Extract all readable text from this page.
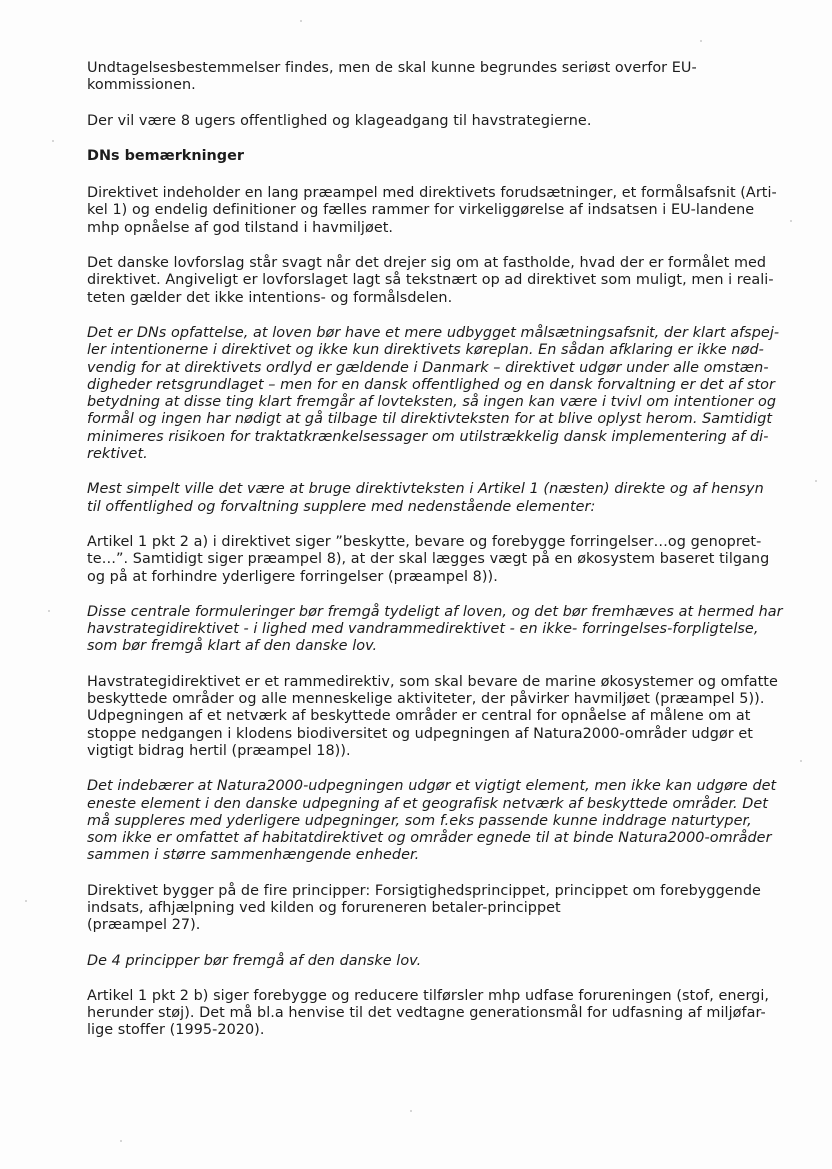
Undtagelsesbestemmelser findes, men de skal kunne begrundes seriøst overfor EU-
kommissionen.
Der vil være 8 ugers offentlighed og klageadgang til havstrategierne.
DNs bemærkninger
Direktivet indeholder en lang præampel med direktivets forudsætninger, et formålsafsnit (Arti-
kel 1) og endelig definitioner og fælles rammer for virkeliggørelse af indsatsen i EU-landene
mhp opnåelse af god tilstand i havmiljøet.
Det danske lovforslag står svagt når det drejer sig om at fastholde, hvad der er formålet med
direktivet. Angiveligt er lovforslaget lagt så tekstnært op ad direktivet som muligt, men i reali-
teten gælder det ikke intentions- og formålsdelen.
Det er DNs opfattelse, at loven bør have et mere udbygget målsætningsafsnit, der klart afspej-
ler intentionerne i direktivet og ikke kun direktivets køreplan. En sådan afklaring er ikke nød-
vendig for at direktivets ordlyd er gældende i Danmark – direktivet udgør under alle omstæn-
digheder retsgrundlaget – men for en dansk offentlighed og en dansk forvaltning er det af stor
betydning at disse ting klart fremgår af lovteksten, så ingen kan være i tvivl om intentioner og
formål og ingen har nødigt at gå tilbage til direktivteksten for at blive oplyst herom. Samtidigt
minimeres risikoen for traktatkrænkelsessager om utilstrækkelig dansk implementering af di-
rektivet.
Mest simpelt ville det være at bruge direktivteksten i Artikel 1 (næsten) direkte og af hensyn
til offentlighed og forvaltning supplere med nedenstående elementer:
Artikel 1 pkt 2 a) i direktivet siger ”beskytte, bevare og forebygge forringelser…og genopret-
te…”. Samtidigt siger præampel 8), at der skal lægges vægt på en økosystem baseret tilgang
og på at forhindre yderligere forringelser (præampel 8)).
Disse centrale formuleringer bør fremgå tydeligt af loven, og det bør fremhæves at hermed har
havstrategidirektivet - i lighed med vandrammedirektivet - en ikke- forringelses-forpligtelse,
som bør fremgå klart af den danske lov.
Havstrategidirektivet er et rammedirektiv, som skal bevare de marine økosystemer og omfatte
beskyttede områder og alle menneskelige aktiviteter, der påvirker havmiljøet (præampel 5)).
Udpegningen af et netværk af beskyttede områder er central for opnåelse af målene om at
stoppe nedgangen i klodens biodiversitet og udpegningen af Natura2000-områder udgør et
vigtigt bidrag hertil (præampel 18)).
Det indebærer at Natura2000-udpegningen udgør et vigtigt element, men ikke kan udgøre det
eneste element i den danske udpegning af et geografisk netværk af beskyttede områder. Det
må suppleres med yderligere udpegninger, som f.eks passende kunne inddrage naturtyper,
som ikke er omfattet af habitatdirektivet og områder egnede til at binde Natura2000-områder
sammen i større sammenhængende enheder.
Direktivet bygger på de fire principper: Forsigtighedsprincippet, princippet om forebyggende
indsats, afhjælpning ved kilden og forureneren betaler-princippet
(præampel 27).
De 4 principper bør fremgå af den danske lov.
Artikel 1 pkt 2 b) siger forebygge og reducere tilførsler mhp udfase forureningen (stof, energi,
herunder støj). Det må bl.a henvise til det vedtagne generationsmål for udfasning af miljøfar-
lige stoffer (1995-2020).
